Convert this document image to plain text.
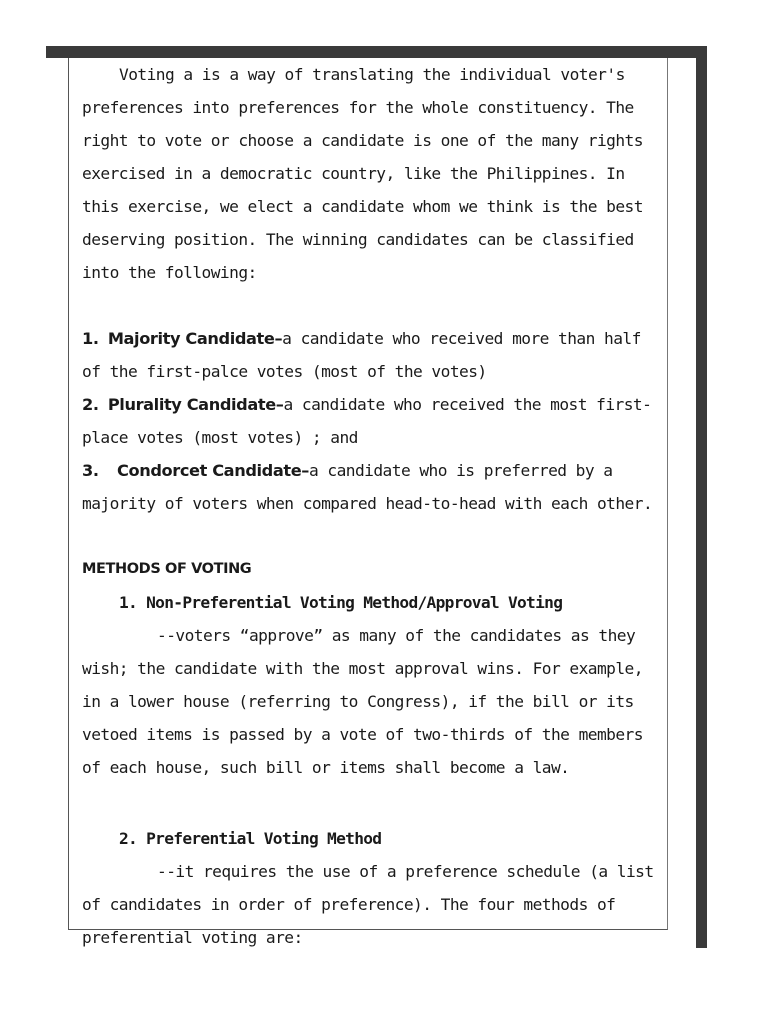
Voting a is a way of translating the individual voter's preferences into preferences for the whole constituency. The right to vote or choose a candidate is one of the many rights exercised in a democratic country, like the Philippines. In this exercise, we elect a candidate whom we think is the best deserving position. The winning candidates can be classified into the following:

1. Majority Candidate–a candidate who received more than half of the first-palce votes (most of the votes)

2. Plurality Candidate–a candidate who received the most first-place votes (most votes) ; and

3. Condorcet Candidate–a candidate who is preferred by a majority of voters when compared head-to-head with each other.

METHODS OF VOTING

1. Non-Preferential Voting Method/Approval Voting

--voters “approve” as many of the candidates as they wish; the candidate with the most approval wins. For example, in a lower house (referring to Congress), if the bill or its vetoed items is passed by a vote of two-thirds of the members of each house, such bill or items shall become a law.

2. Preferential Voting Method

--it requires the use of a preference schedule (a list of candidates in order of preference). The four methods of preferential voting are:
